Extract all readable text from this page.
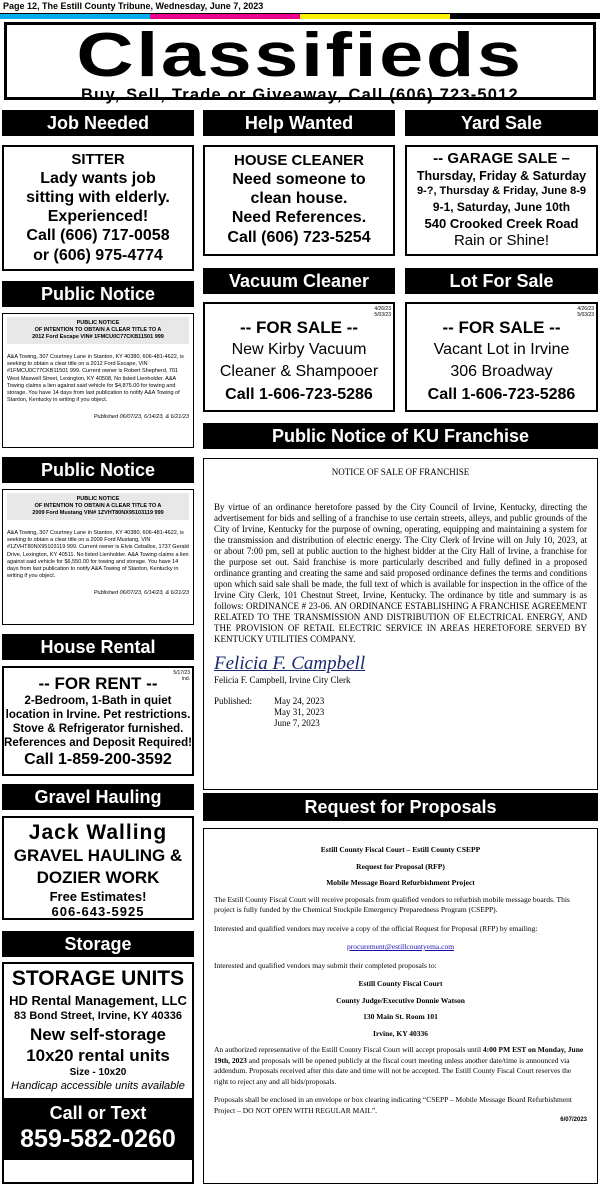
Page 12, The Estill County Tribune, Wednesday, June 7, 2023
Classifieds
Buy, Sell, Trade or Giveaway, Call (606) 723-5012
Job Needed
SITTER
Lady wants job
sitting with elderly.
Experienced!
Call (606) 717-0058
or (606) 975-4774
Public Notice
PUBLIC NOTICE
OF INTENTION TO OBTAIN A CLEAR TITLE TO A
2012 Ford Escape VIN# 1FMCU0C77CKB11501 999
A&A Towing, 307 Courtney Lane in Stanton, KY 40380, 606-481-4622, is seeking to obtain a clear title on a 2012 Ford Escape, VIN #1FMCU0C77CKB11501 999. Current owner is Robert Shepherd, 701 West Maxwell Street, Lexington, KY 40508, No listed Lienholder. A&A Towing claims a lien against said vehicle for $4,875.00 for towing and storage. You have 14 days from last publication to notify A&A Towing of Stanton, Kentucky in writing if you object.
Published 06/07/23, 6/14/23, & 6/21/23
Public Notice
PUBLIC NOTICE
OF INTENTION TO OBTAIN A CLEAR TITLE TO A
2009 Ford Mustang VIN# 1ZVHT80NX95103119 999
A&A Towing, 307 Courtney Lane in Stanton, KY 40380, 606-481-4622, is seeking to obtain a clear title on a 2009 Ford Mustang, VIN #1ZVHT80NX95103119 999. Current owner is Elvis Ceballos, 1737 Gerald Drive, Lexington, KY 40511. No listed Lienholder. A&A Towing claims a lien against said vehicle for $6,550.00 for towing and storage. You have 14 days from last publication to notify A&A Towing of Stanton, Kentucky in writing if you object.
Published 06/07/23, 6/14/23, & 6/21/23
House Rental
5/17/23
ind.
-- FOR RENT --
2-Bedroom, 1-Bath in quiet
location in Irvine. Pet restrictions.
Stove & Refrigerator furnished.
References and Deposit Required!
Call 1-859-200-3592
Gravel Hauling
Jack Walling
GRAVEL HAULING &
DOZIER WORK
Free Estimates!
606-643-5925
Storage
STORAGE UNITS
HD Rental Management, LLC
83 Bond Street, Irvine, KY 40336
New self-storage
10x20 rental units
Size - 10x20
Handicap accessible units available
Call or Text
859-582-0260
Help Wanted
HOUSE CLEANER
Need someone to
clean house.
Need References.
Call (606) 723-5254
Yard Sale
-- GARAGE SALE –
Thursday, Friday & Saturday
9-?, Thursday & Friday, June 8-9
9-1, Saturday, June 10th
540 Crooked Creek Road
Rain or Shine!
Vacuum Cleaner
4/26/23
5/03/23
-- FOR SALE --
New Kirby Vacuum
Cleaner & Shampooer
Call 1-606-723-5286
Lot For Sale
4/26/23
5/03/23
-- FOR SALE --
Vacant Lot in Irvine
306 Broadway
Call 1-606-723-5286
Public Notice of KU Franchise
NOTICE OF SALE OF FRANCHISE
By virtue of an ordinance heretofore passed by the City Council of Irvine, Kentucky, directing the advertisement for bids and selling of a franchise to use certain streets, alleys, and public grounds of the City of Irvine, Kentucky for the purpose of owning, operating, equipping and maintaining a system for the transmission and distribution of electric energy. The City Clerk of Irvine will on July 10, 2023, at or about 7:00 pm, sell at public auction to the highest bidder at the City Hall of Irvine, a franchise for the purpose set out. Said franchise is more particularly described and fully defined in a proposed ordinance granting and creating the same and said proposed ordinance defines the terms and conditions upon which said sale shall be made, the full text of which is available for inspection in the office of the Irvine City Clerk, 101 Chestnut Street, Irvine, Kentucky. The ordinance by title and summary is as follows: ORDINANCE # 23-06. AN ORDINANCE ESTABLISHING A FRANCHISE AGREEMENT RELATED TO THE TRANSMISSION AND DISTRIBUTION OF ELECTRICAL ENERGY, AND THE PROVISION OF RETAIL ELECTRIC SERVICE IN AREAS HERETOFORE SERVED BY KENTUCKY UTILITIES COMPANY.
Felicia F. Campbell
Felicia F. Campbell, Irvine City Clerk
Published:	May 24, 2023
May 31, 2023
June 7, 2023
Request for Proposals
Estill County Fiscal Court – Estill County CSEPP
Request for Proposal (RFP)
Mobile Message Board Refurbishment Project
The Estill County Fiscal Court will receive proposals from qualified vendors to refurbish mobile message boards. This project is fully funded by the Chemical Stockpile Emergency Preparedness Program (CSEPP).
Interested and qualified vendors may receive a copy of the official Request for Proposal (RFP) by emailing:
procurement@estillcountyema.com
Interested and qualified vendors may submit their completed proposals to:
Estill County Fiscal Court
County Judge/Executive Donnie Watson
130 Main St. Room 101
Irvine, KY 40336
An authorized representative of the Estill County Fiscal Court will accept proposals until 4:00 PM EST on Monday, June 19th, 2023 and proposals will be opened publicly at the fiscal court meeting unless another date/time is announced via addendum. Proposals received after this date and time will not be accepted. The Estill County Fiscal Court reserves the right to reject any and all bids/proposals.
Proposals shall be enclosed in an envelope or box clearing indicating “CSEPP – Mobile Message Board Refurbishment Project – DO NOT OPEN WITH REGULAR MAIL”.
6/07/2023
